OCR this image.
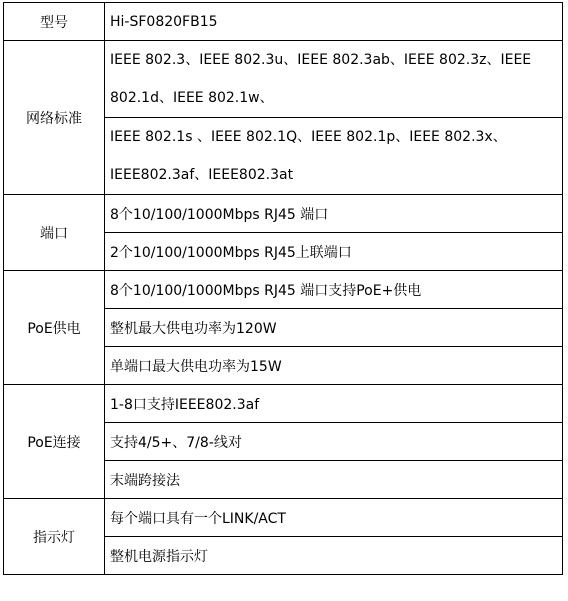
型号	Hi-SF0820FB15
网络标准	IEEE 802.3、IEEE 802.3u、IEEE 802.3ab、IEEE 802.3z、IEEE 802.1d、IEEE 802.1w、
	IEEE 802.1s 、IEEE 802.1Q、IEEE 802.1p、IEEE 802.3x、IEEE802.3af、IEEE802.3at
端口	8个10/100/1000Mbps RJ45 端口
	2个10/100/1000Mbps RJ45上联端口
PoE供电	8个10/100/1000Mbps RJ45 端口支持PoE+供电
	整机最大供电功率为120W
	单端口最大供电功率为15W
PoE连接	1-8口支持IEEE802.3af
	支持4/5+、7/8-线对
	末端跨接法
指示灯	每个端口具有一个LINK/ACT
	整机电源指示灯
